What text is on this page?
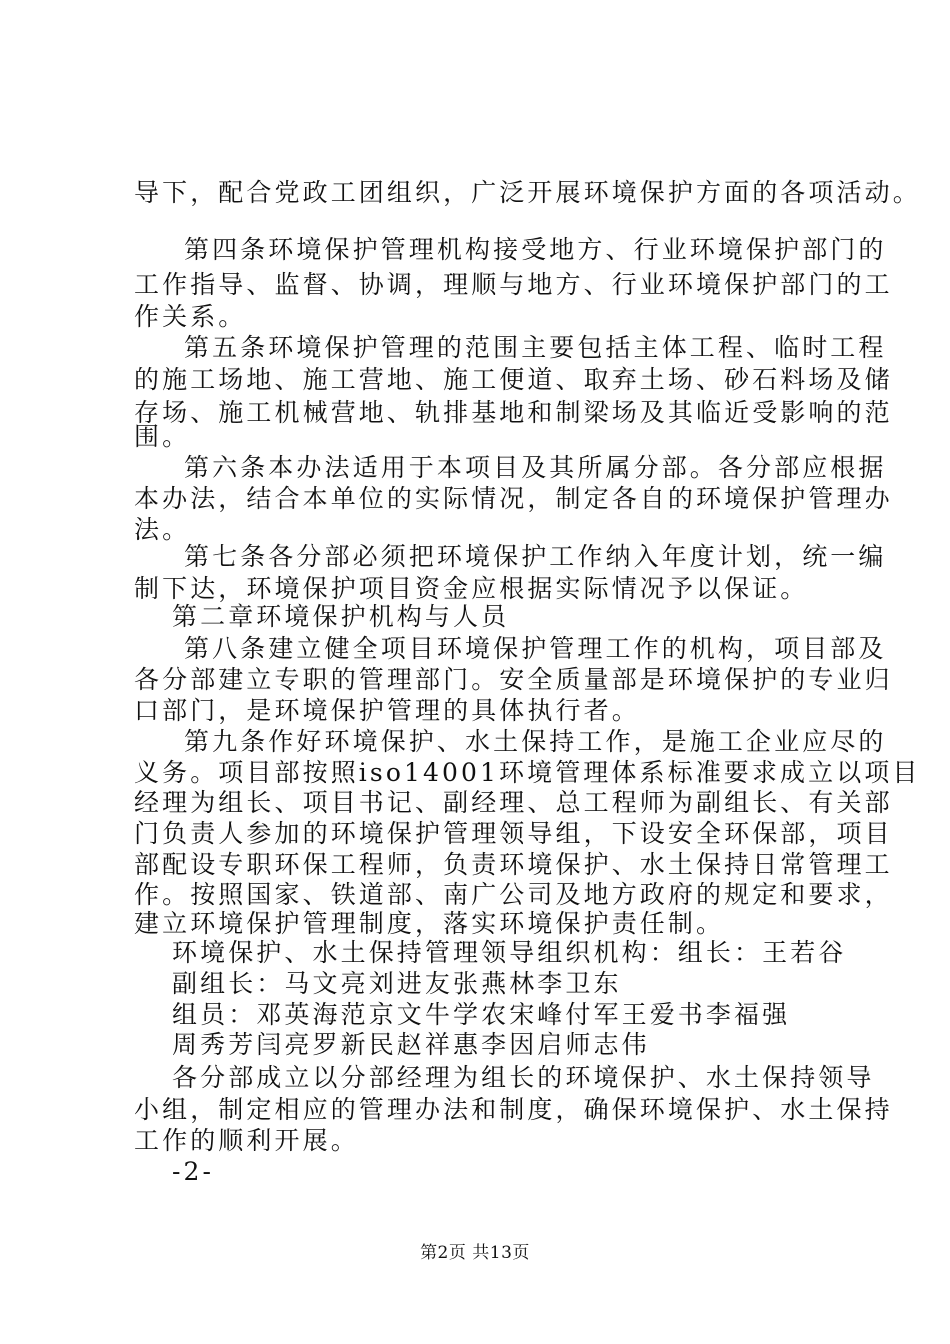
导下，配合党政工团组织，广泛开展环境保护方面的各项活动。
第四条环境保护管理机构接受地方、行业环境保护部门的
工作指导、监督、协调，理顺与地方、行业环境保护部门的工
作关系。
第五条环境保护管理的范围主要包括主体工程、临时工程
的施工场地、施工营地、施工便道、取弃土场、砂石料场及储
存场、施工机械营地、轨排基地和制梁场及其临近受影响的范
围。
第六条本办法适用于本项目及其所属分部。各分部应根据
本办法，结合本单位的实际情况，制定各自的环境保护管理办
法。
第七条各分部必须把环境保护工作纳入年度计划，统一编
制下达，环境保护项目资金应根据实际情况予以保证。
第二章环境保护机构与人员
第八条建立健全项目环境保护管理工作的机构，项目部及
各分部建立专职的管理部门。安全质量部是环境保护的专业归
口部门，是环境保护管理的具体执行者。
第九条作好环境保护、水土保持工作，是施工企业应尽的
义务。项目部按照iso14001环境管理体系标准要求成立以项目
经理为组长、项目书记、副经理、总工程师为副组长、有关部
门负责人参加的环境保护管理领导组，下设安全环保部，项目
部配设专职环保工程师，负责环境保护、水土保持日常管理工
作。按照国家、铁道部、南广公司及地方政府的规定和要求，
建立环境保护管理制度，落实环境保护责任制。
环境保护、水土保持管理领导组织机构：组长：王若谷
副组长：马文亮刘进友张燕林李卫东
组员：邓英海范京文牛学农宋峰付军王爱书李福强
周秀芳闫亮罗新民赵祥惠李因启师志伟
各分部成立以分部经理为组长的环境保护、水土保持领导
小组，制定相应的管理办法和制度，确保环境保护、水土保持
工作的顺利开展。
-2-
第2页 共13页
